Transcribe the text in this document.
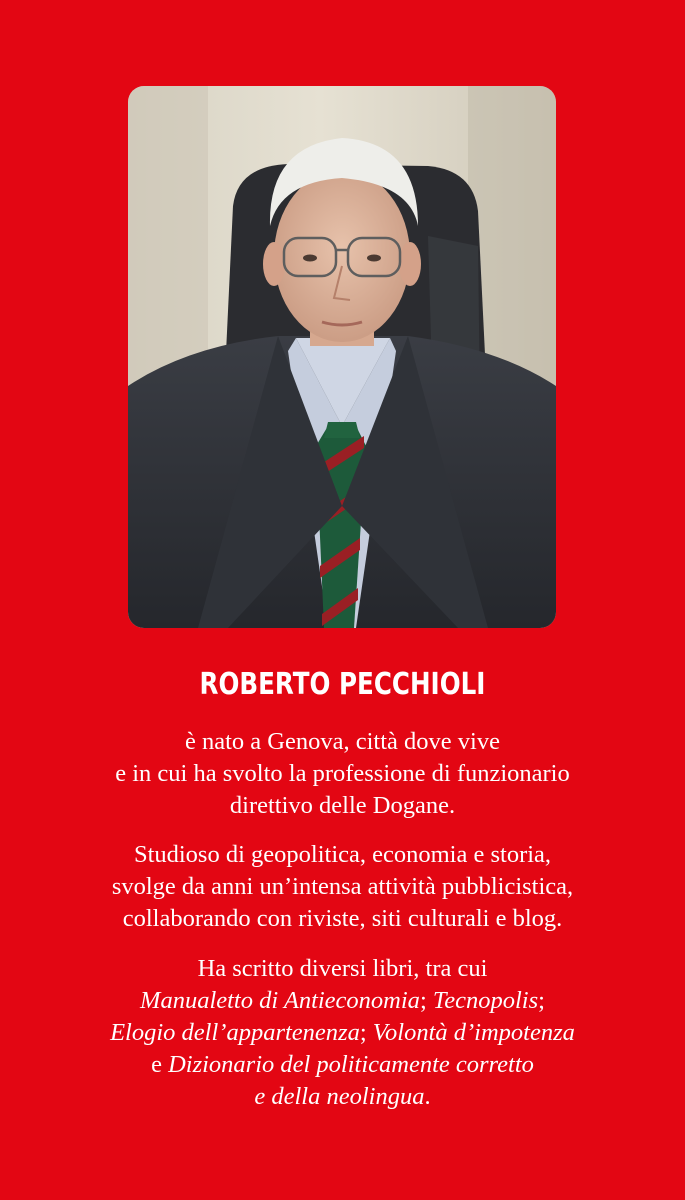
ROBERTO PECCHIOLI
è nato a Genova, città dove vive
e in cui ha svolto la professione di funzionario
direttivo delle Dogane.
Studioso di geopolitica, economia e storia,
svolge da anni un’intensa attività pubblicistica,
collaborando con riviste, siti culturali e blog.
Ha scritto diversi libri, tra cui
Manualetto di Antieconomia; Tecnopolis;
Elogio dell’appartenenza; Volontà d’impotenza
e Dizionario del politicamente corretto
e della neolingua.
